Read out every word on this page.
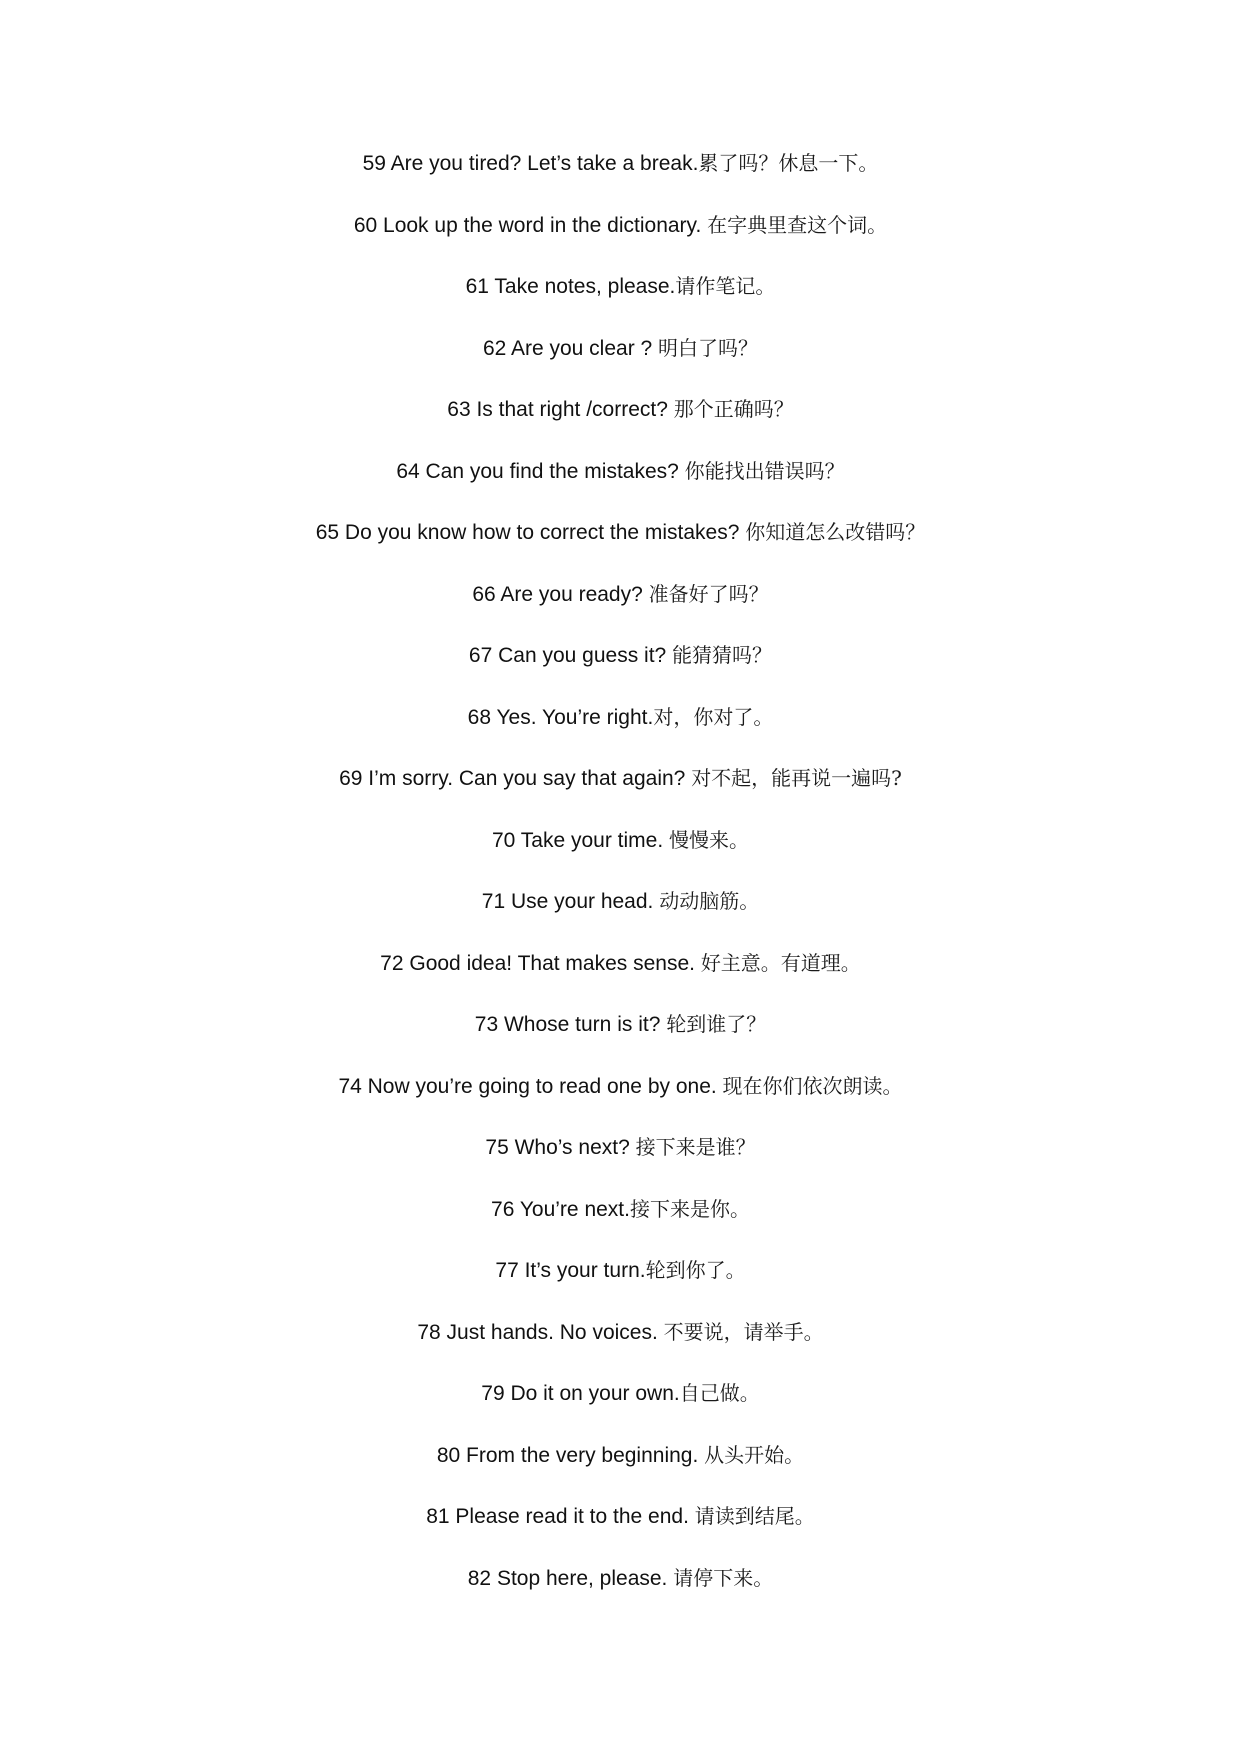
59 Are you tired? Let’s take a break.累了吗？休息一下。
60 Look up the word in the dictionary. 在字典里查这个词。
61 Take notes, please.请作笔记。
62 Are you clear ? 明白了吗？
63 Is that right /correct? 那个正确吗？
64 Can you find the mistakes? 你能找出错误吗？
65 Do you know how to correct the mistakes? 你知道怎么改错吗？
66 Are you ready? 准备好了吗？
67 Can you guess it? 能猜猜吗？
68 Yes. You’re right.对，你对了。
69 I’m sorry. Can you say that again? 对不起，能再说一遍吗?
70 Take your time. 慢慢来。
71 Use your head. 动动脑筋。
72 Good idea! That makes sense. 好主意。有道理。
73 Whose turn is it? 轮到谁了？
74 Now you’re going to read one by one. 现在你们依次朗读。
75 Who’s next? 接下来是谁？
76 You’re next.接下来是你。
77 It’s your turn.轮到你了。
78 Just hands. No voices. 不要说，请举手。
79 Do it on your own.自己做。
80 From the very beginning. 从头开始。
81 Please read it to the end. 请读到结尾。
82 Stop here, please. 请停下来。
